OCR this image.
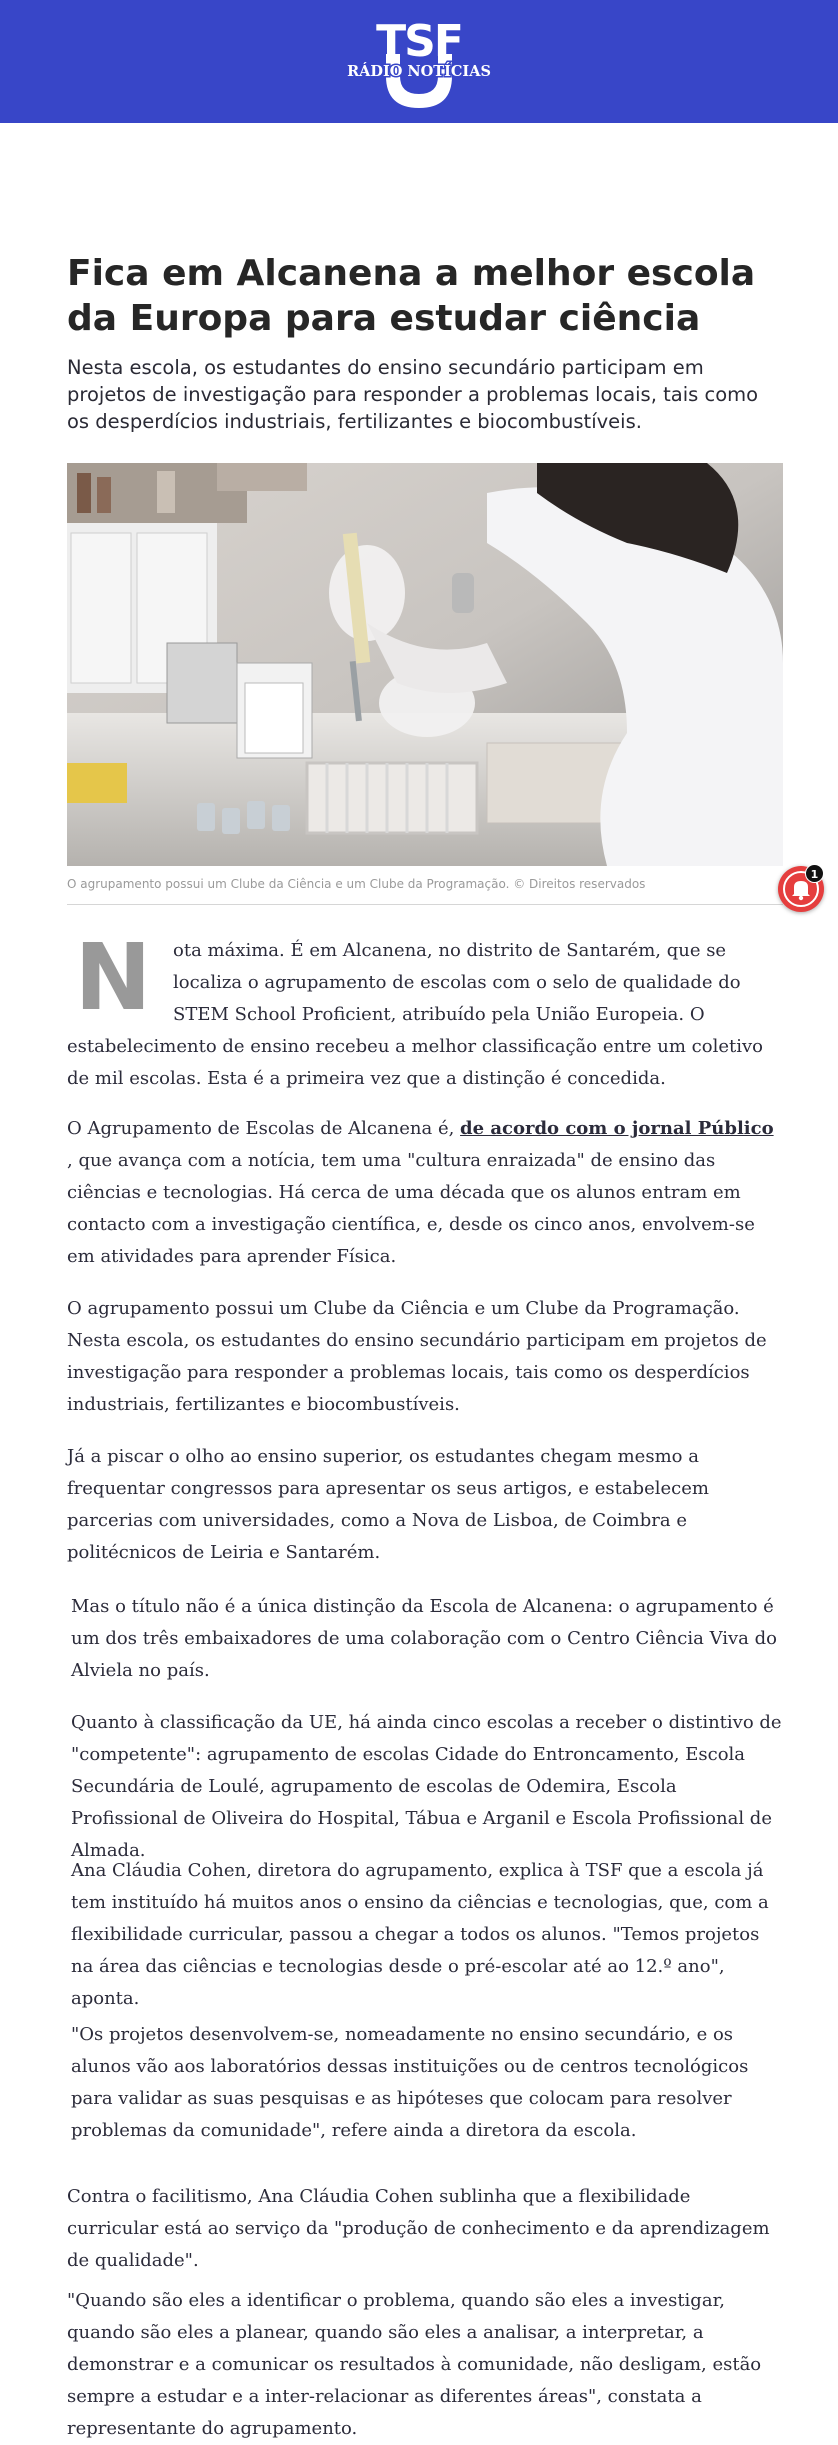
TSF
RÁDIO NOTÍCIAS
Fica em Alcanena a melhor escola
da Europa para estudar ciência

Nesta escola, os estudantes do ensino secundário participam em projetos de investigação para responder a problemas locais, tais como os desperdícios industriais, fertilizantes e biocombustíveis.

O agrupamento possui um Clube da Ciência e um Clube da Programação. © Direitos reservados
1

N	ota máxima. É em Alcanena, no distrito de Santarém, que se localiza o agrupamento de escolas com o selo de qualidade do STEM School Proficient, atribuído pela União Europeia. O estabelecimento de ensino recebeu a melhor classificação entre um coletivo de mil escolas. Esta é a primeira vez que a distinção é concedida.

O Agrupamento de Escolas de Alcanena é, de acordo com o jornal Público , que avança com a notícia, tem uma "cultura enraizada" de ensino das ciências e tecnologias. Há cerca de uma década que os alunos entram em contacto com a investigação científica, e, desde os cinco anos, envolvem-se em atividades para aprender Física.

O agrupamento possui um Clube da Ciência e um Clube da Programação. Nesta escola, os estudantes do ensino secundário participam em projetos de investigação para responder a problemas locais, tais como os desperdícios industriais, fertilizantes e biocombustíveis.

Já a piscar o olho ao ensino superior, os estudantes chegam mesmo a frequentar congressos para apresentar os seus artigos, e estabelecem parcerias com universidades, como a Nova de Lisboa, de Coimbra e politécnicos de Leiria e Santarém.

Mas o título não é a única distinção da Escola de Alcanena: o agrupamento é um dos três embaixadores de uma colaboração com o Centro Ciência Viva do Alviela no país.

Quanto à classificação da UE, há ainda cinco escolas a receber o distintivo de "competente": agrupamento de escolas Cidade do Entroncamento, Escola Secundária de Loulé, agrupamento de escolas de Odemira, Escola Profissional de Oliveira do Hospital, Tábua e Arganil e Escola Profissional de Almada.

Ana Cláudia Cohen, diretora do agrupamento, explica à TSF que a escola já tem instituído há muitos anos o ensino da ciências e tecnologias, que, com a flexibilidade curricular, passou a chegar a todos os alunos. "Temos projetos na área das ciências e tecnologias desde o pré-escolar até ao 12.º ano", aponta.

"Os projetos desenvolvem-se, nomeadamente no ensino secundário, e os alunos vão aos laboratórios dessas instituições ou de centros tecnológicos para validar as suas pesquisas e as hipóteses que colocam para resolver problemas da comunidade", refere ainda a diretora da escola.

Contra o facilitismo, Ana Cláudia Cohen sublinha que a flexibilidade curricular está ao serviço da "produção de conhecimento e da aprendizagem de qualidade".

"Quando são eles a identificar o problema, quando são eles a investigar, quando são eles a planear, quando são eles a analisar, a interpretar, a demonstrar e a comunicar os resultados à comunidade, não desligam, estão sempre a estudar e a inter-relacionar as diferentes áreas", constata a representante do agrupamento.
